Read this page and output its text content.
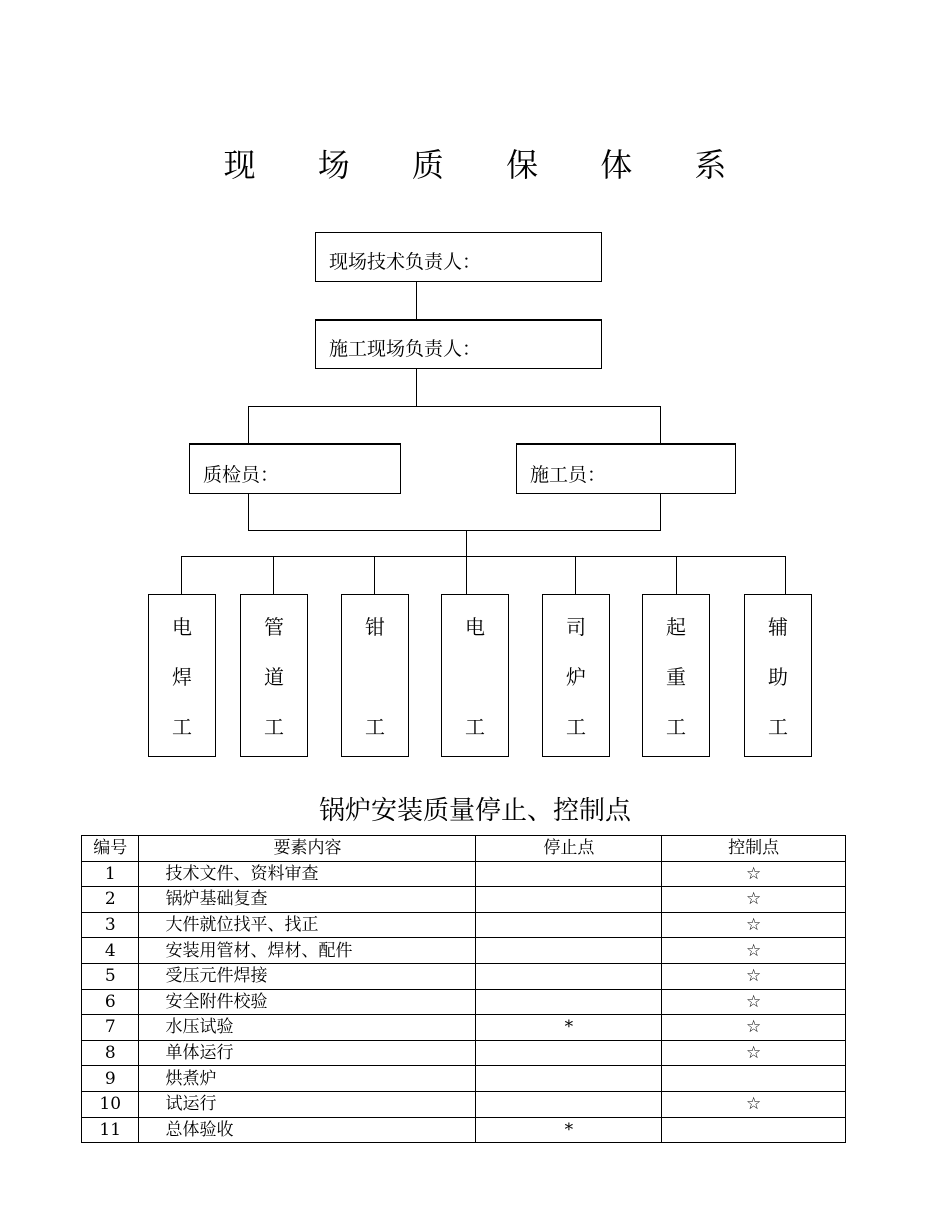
现 场 质 保 体 系
现场技术负责人：
施工现场负责人：
质检员：	施工员：
电
焊
工
管
道
工
钳
工
电
工
司
炉
工
起
重
工
辅
助
工
锅炉安装质量停止、控制点
编号	要素内容	停止点	控制点
1	技术文件、资料审查		☆
2	锅炉基础复查		☆
3	大件就位找平、找正		☆
4	安装用管材、焊材、配件		☆
5	受压元件焊接		☆
6	安全附件校验		☆
7	水压试验	*	☆
8	单体运行		☆
9	烘煮炉		
10	试运行		☆
11	总体验收	*	
